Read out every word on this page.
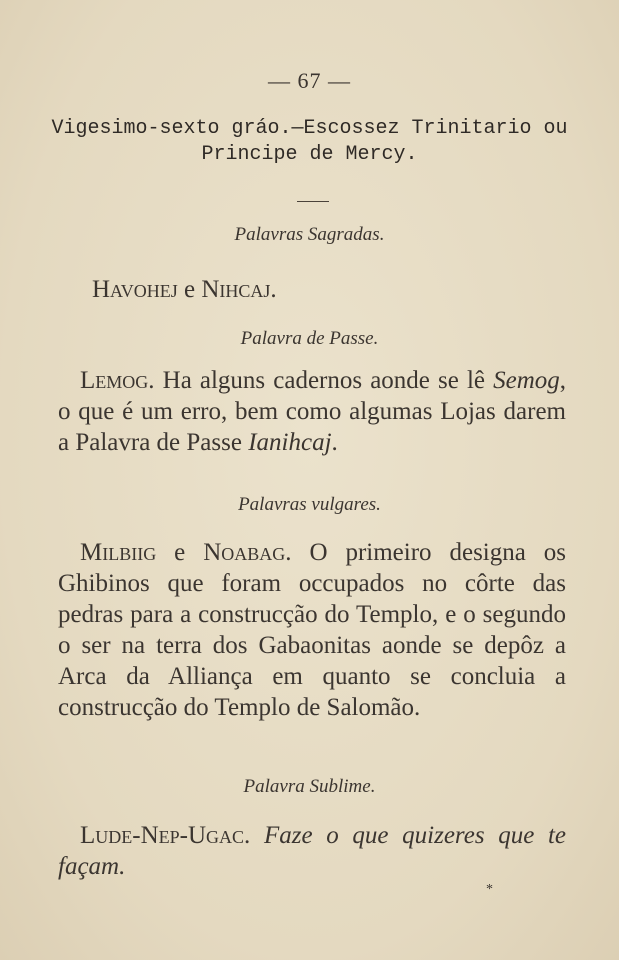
— 67 —
Vigesimo-sexto gráo.—Escossez Trinitario ou
Principe de Mercy.
Palavras Sagradas.
Havohej e Nihcaj.
Palavra de Passe.
Lemog. Ha alguns cadernos aonde se lê Semog, o que é um erro, bem como algumas Lojas darem a Palavra de Passe Ianihcaj.
Palavras vulgares.
Milbiig e Noabag. O primeiro designa os Ghibinos que foram occupados no côrte das pedras para a construcção do Templo, e o segundo o ser na terra dos Gabaonitas aonde se depôz a Arca da Alliança em quanto se concluia a construcção do Templo de Salomão.
Palavra Sublime.
Lude-Nep-Ugac. Faze o que quizeres que te façam.
*
